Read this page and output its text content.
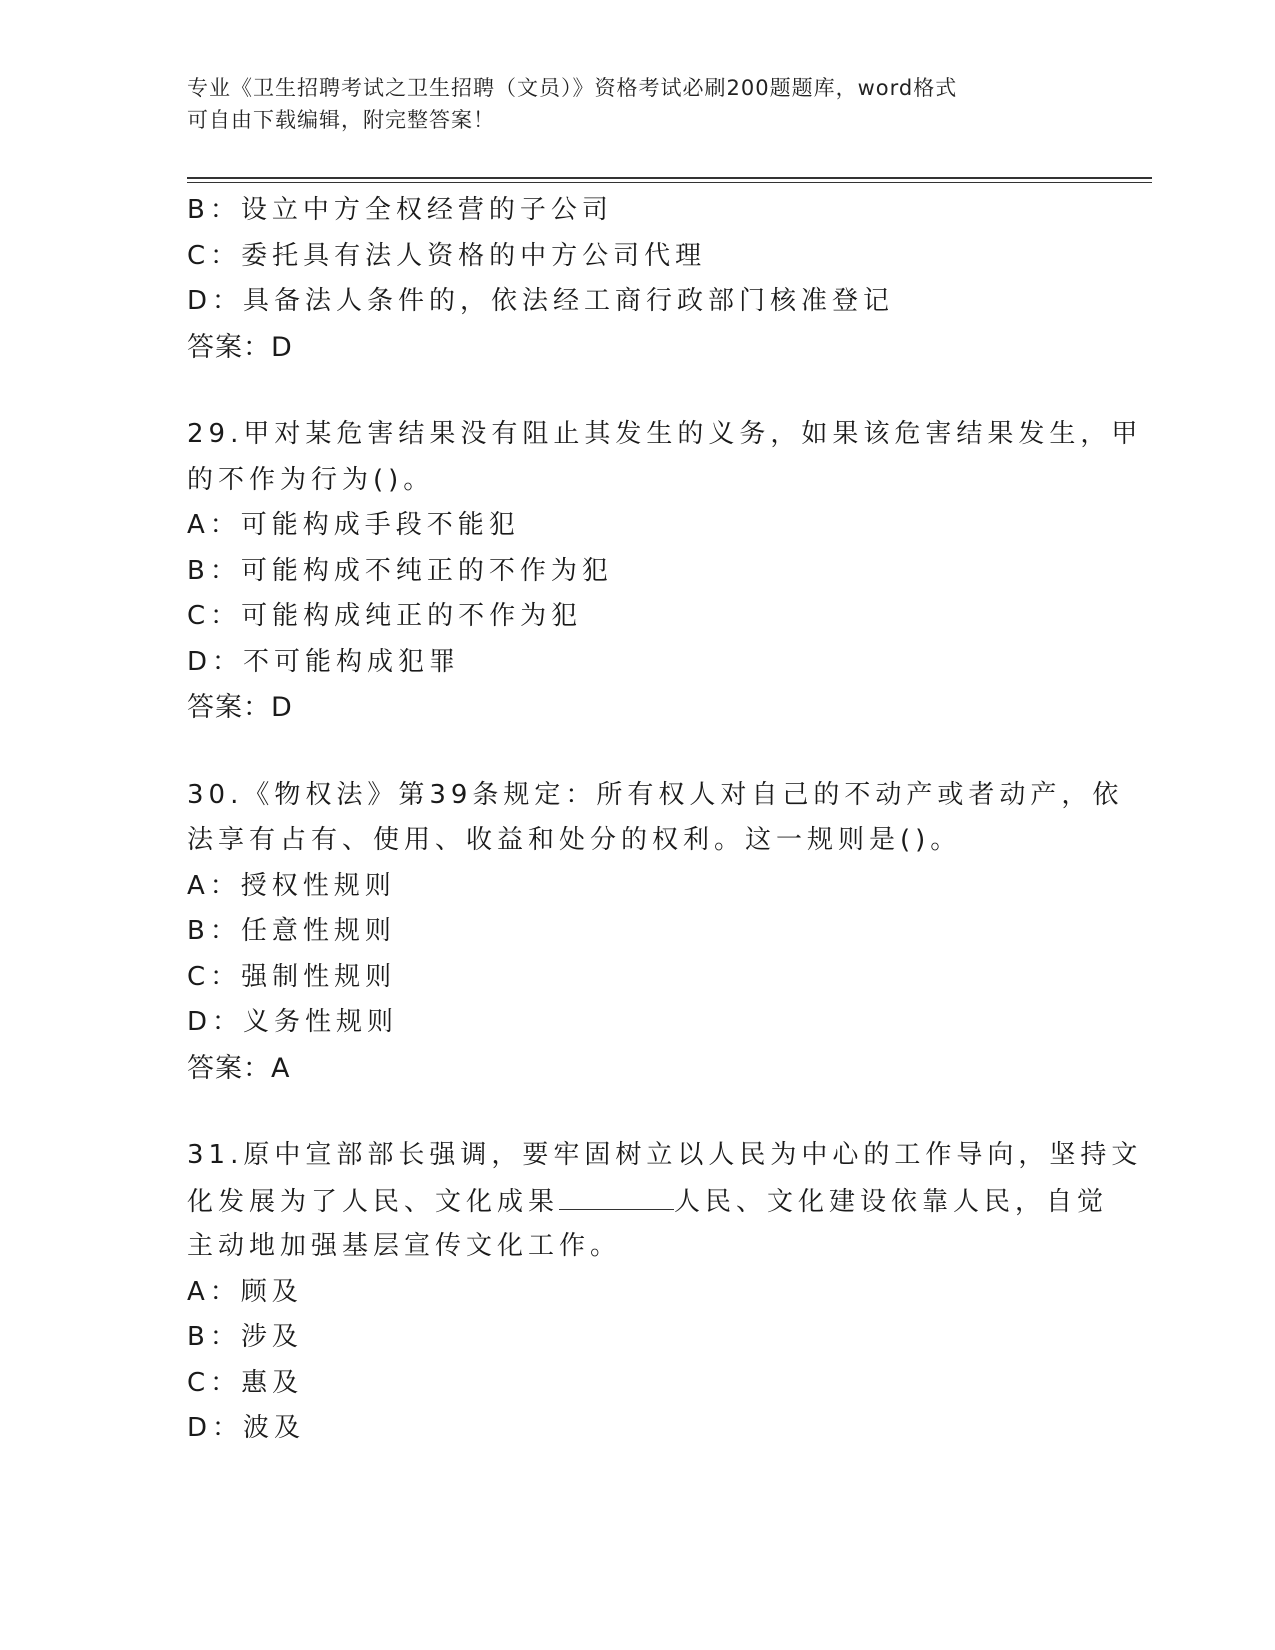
专业《卫生招聘考试之卫生招聘（文员）》资格考试必刷200题题库，word格式
可自由下载编辑，附完整答案！
B：设立中方全权经营的子公司
C：委托具有法人资格的中方公司代理
D：具备法人条件的，依法经工商行政部门核准登记
答案：D
29.甲对某危害结果没有阻止其发生的义务，如果该危害结果发生，甲
的不作为行为()。
A：可能构成手段不能犯
B：可能构成不纯正的不作为犯
C：可能构成纯正的不作为犯
D：不可能构成犯罪
答案：D
30.《物权法》第39条规定：所有权人对自己的不动产或者动产，依
法享有占有、使用、收益和处分的权利。这一规则是()。
A：授权性规则
B：任意性规则
C：强制性规则
D：义务性规则
答案：A
31.原中宣部部长强调，要牢固树立以人民为中心的工作导向，坚持文
化发展为了人民、文化成果	人民、文化建设依靠人民，自觉
主动地加强基层宣传文化工作。
A：顾及
B：涉及
C：惠及
D：波及
